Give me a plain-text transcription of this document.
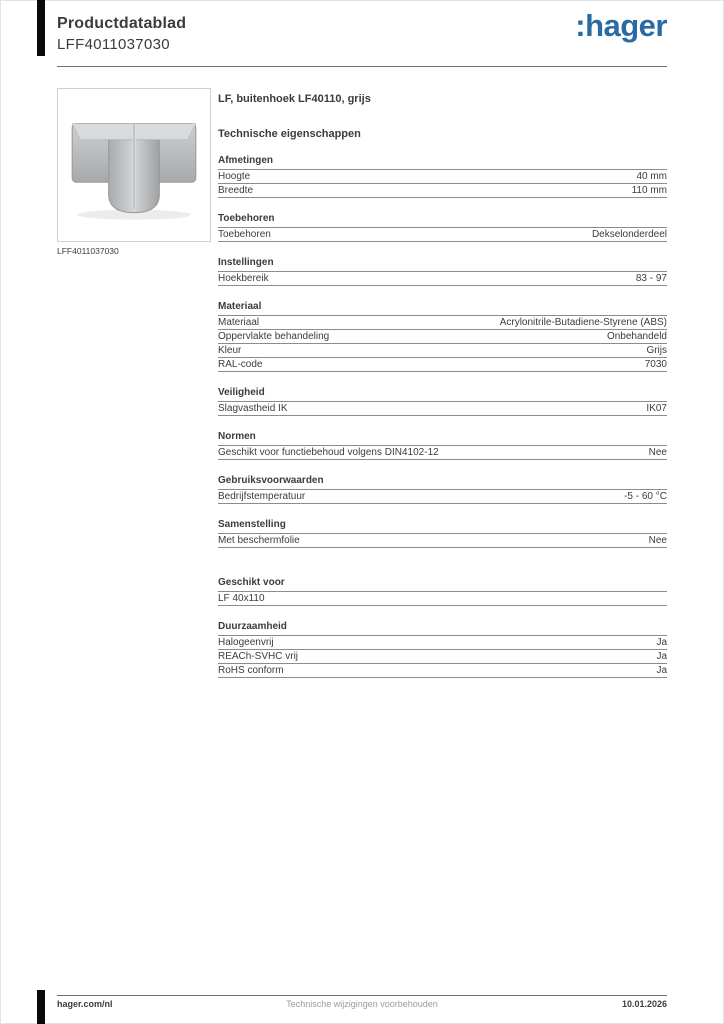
Productdatablad
LFF4011037030
:hager
LFF4011037030
LF, buitenhoek LF40110, grijs
Technische eigenschappen
Afmetingen
Hoogte	40 mm
Breedte	110 mm
Toebehoren
Toebehoren	Dekselonderdeel
Instellingen
Hoekbereik	83 - 97
Materiaal
Materiaal	Acrylonitrile-Butadiene-Styrene (ABS)
Oppervlakte behandeling	Onbehandeld
Kleur	Grijs
RAL-code	7030
Veiligheid
Slagvastheid IK	IK07
Normen
Geschikt voor functiebehoud volgens DIN4102-12	Nee
Gebruiksvoorwaarden
Bedrijfstemperatuur	-5 - 60 °C
Samenstelling
Met beschermfolie	Nee
Geschikt voor
LF 40x110
Duurzaamheid
Halogeenvrij	Ja
REACh-SVHC vrij	Ja
RoHS conform	Ja
Technische wijzigingen voorbehouden
hager.com/nl	10.01.2026
